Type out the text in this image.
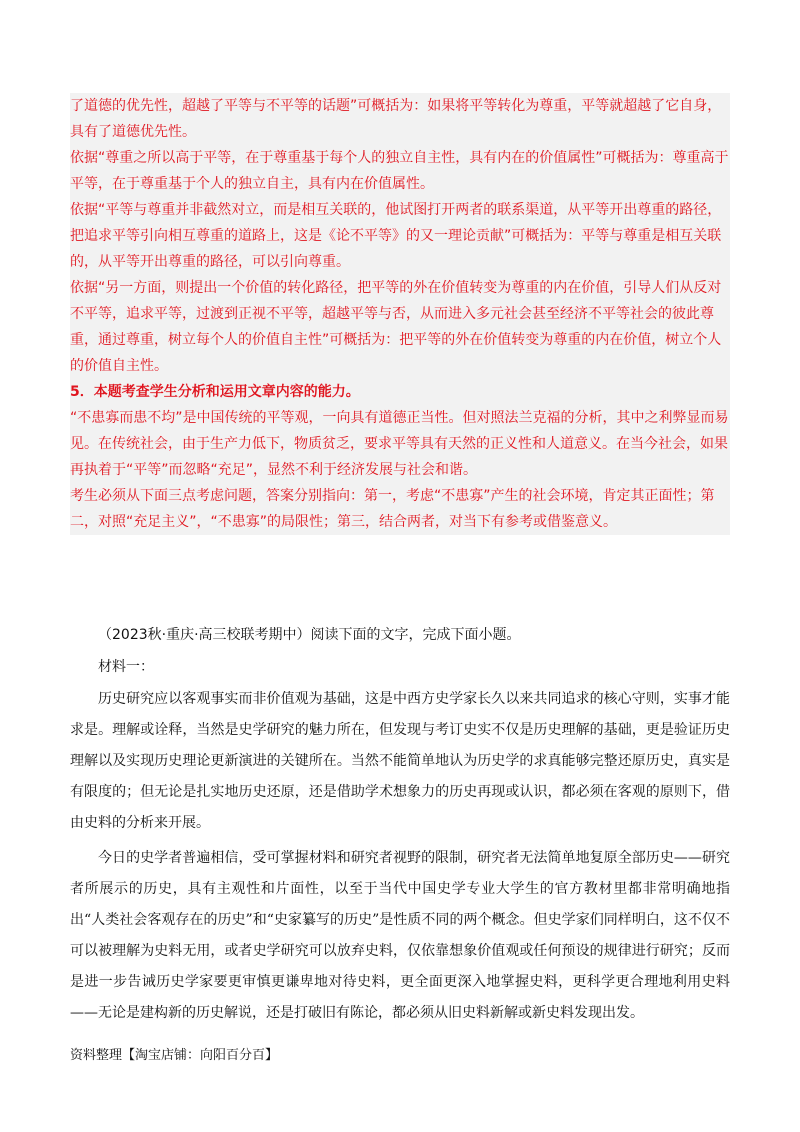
了道德的优先性，超越了平等与不平等的话题”可概括为：如果将平等转化为尊重，平等就超越了它自身，具有了道德优先性。

依据“尊重之所以高于平等，在于尊重基于每个人的独立自主性，具有内在的价值属性”可概括为：尊重高于平等，在于尊重基于个人的独立自主，具有内在价值属性。

依据“平等与尊重并非截然对立，而是相互关联的，他试图打开两者的联系渠道，从平等开出尊重的路径，把追求平等引向相互尊重的道路上，这是《论不平等》的又一理论贡献”可概括为：平等与尊重是相互关联的，从平等开出尊重的路径，可以引向尊重。

依据“另一方面，则提出一个价值的转化路径，把平等的外在价值转变为尊重的内在价值，引导人们从反对不平等，追求平等，过渡到正视不平等，超越平等与否，从而进入多元社会甚至经济不平等社会的彼此尊重，通过尊重，树立每个人的价值自主性”可概括为：把平等的外在价值转变为尊重的内在价值，树立个人的价值自主性。

5．本题考查学生分析和运用文章内容的能力。

“不患寡而患不均”是中国传统的平等观，一向具有道德正当性。但对照法兰克福的分析，其中之利弊显而易见。在传统社会，由于生产力低下，物质贫乏，要求平等具有天然的正义性和人道意义。在当今社会，如果再执着于“平等”而忽略“充足”，显然不利于经济发展与社会和谐。

考生必须从下面三点考虑问题，答案分别指向：第一，考虑“不患寡”产生的社会环境，肯定其正面性；第二，对照“充足主义”，“不患寡”的局限性；第三，结合两者，对当下有参考或借鉴意义。

（2023秋·重庆·高三校联考期中）阅读下面的文字，完成下面小题。

材料一：

历史研究应以客观事实而非价值观为基础，这是中西方史学家长久以来共同追求的核心守则，实事才能求是。理解或诠释，当然是史学研究的魅力所在，但发现与考订史实不仅是历史理解的基础，更是验证历史理解以及实现历史理论更新演进的关键所在。当然不能简单地认为历史学的求真能够完整还原历史，真实是有限度的；但无论是扎实地历史还原，还是借助学术想象力的历史再现或认识，都必须在客观的原则下，借由史料的分析来开展。

今日的史学者普遍相信，受可掌握材料和研究者视野的限制，研究者无法简单地复原全部历史——研究者所展示的历史，具有主观性和片面性，以至于当代中国史学专业大学生的官方教材里都非常明确地指出“人类社会客观存在的历史”和“史家纂写的历史”是性质不同的两个概念。但史学家们同样明白，这不仅不可以被理解为史料无用，或者史学研究可以放弃史料，仅依靠想象价值观或任何预设的规律进行研究；反而是进一步告诫历史学家要更审慎更谦卑地对待史料，更全面更深入地掌握史料，更科学更合理地利用史料——无论是建构新的历史解说，还是打破旧有陈论，都必须从旧史料新解或新史料发现出发。

资料整理【淘宝店铺：向阳百分百】
